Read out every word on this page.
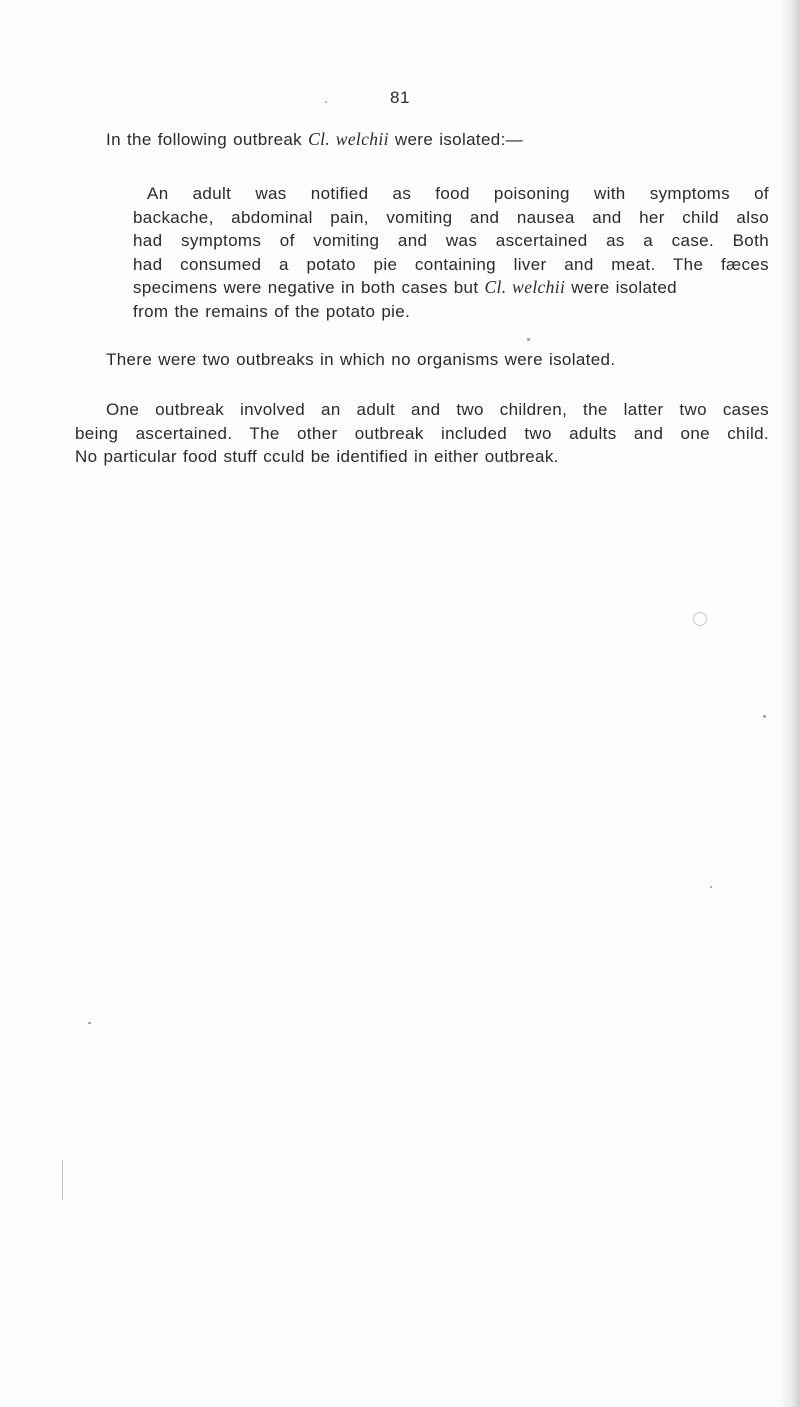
81

In the following outbreak Cl. welchii were isolated:—

An adult was notified as food poisoning with symptoms of
backache, abdominal pain, vomiting and nausea and her child also
had symptoms of vomiting and was ascertained as a case. Both
had consumed a potato pie containing liver and meat. The fæces
specimens were negative in both cases but Cl. welchii were isolated
from the remains of the potato pie.

There were two outbreaks in which no organisms were isolated.

One outbreak involved an adult and two children, the latter two cases
being ascertained. The other outbreak included two adults and one child.
No particular food stuff cculd be identified in either outbreak.
